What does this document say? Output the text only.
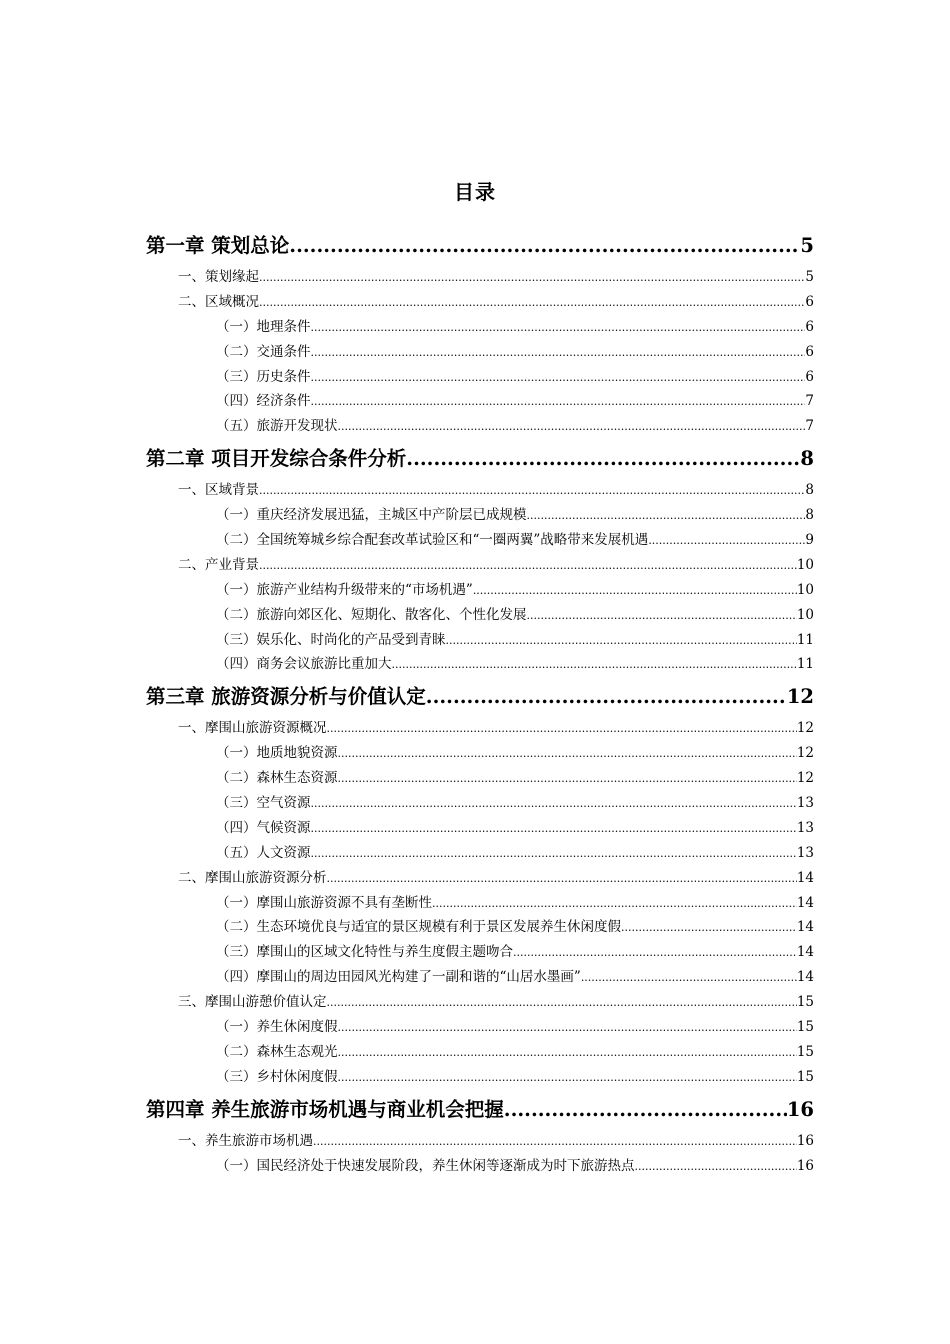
目录
第一章 策划总论 .....	5
一、策划缘起 .....	5
二、区域概况 .....	6
（一）地理条件 .....	6
（二）交通条件 .....	6
（三）历史条件 .....	6
（四）经济条件 .....	7
（五）旅游开发现状 .....	7
第二章 项目开发综合条件分析 .....	8
一、区域背景 .....	8
（一）重庆经济发展迅猛，主城区中产阶层已成规模 .....	8
（二）全国统筹城乡综合配套改革试验区和“一圈两翼”战略带来发展机遇 .....	9
二、产业背景 .....	10
（一）旅游产业结构升级带来的“市场机遇” .....	10
（二）旅游向郊区化、短期化、散客化、个性化发展 .....	10
（三）娱乐化、时尚化的产品受到青睐 .....	11
（四）商务会议旅游比重加大 .....	11
第三章 旅游资源分析与价值认定 .....	12
一、摩围山旅游资源概况 .....	12
（一）地质地貌资源 .....	12
（二）森林生态资源 .....	12
（三）空气资源 .....	13
（四）气候资源 .....	13
（五）人文资源 .....	13
二、摩围山旅游资源分析 .....	14
（一）摩围山旅游资源不具有垄断性 .....	14
（二）生态环境优良与适宜的景区规模有利于景区发展养生休闲度假 .....	14
（三）摩围山的区域文化特性与养生度假主题吻合 .....	14
（四）摩围山的周边田园风光构建了一副和谐的“山居水墨画” .....	14
三、摩围山游憩价值认定 .....	15
（一）养生休闲度假 .....	15
（二）森林生态观光 .....	15
（三）乡村休闲度假 .....	15
第四章 养生旅游市场机遇与商业机会把握 .....	16
一、养生旅游市场机遇 .....	16
（一）国民经济处于快速发展阶段，养生休闲等逐渐成为时下旅游热点 .....	16
